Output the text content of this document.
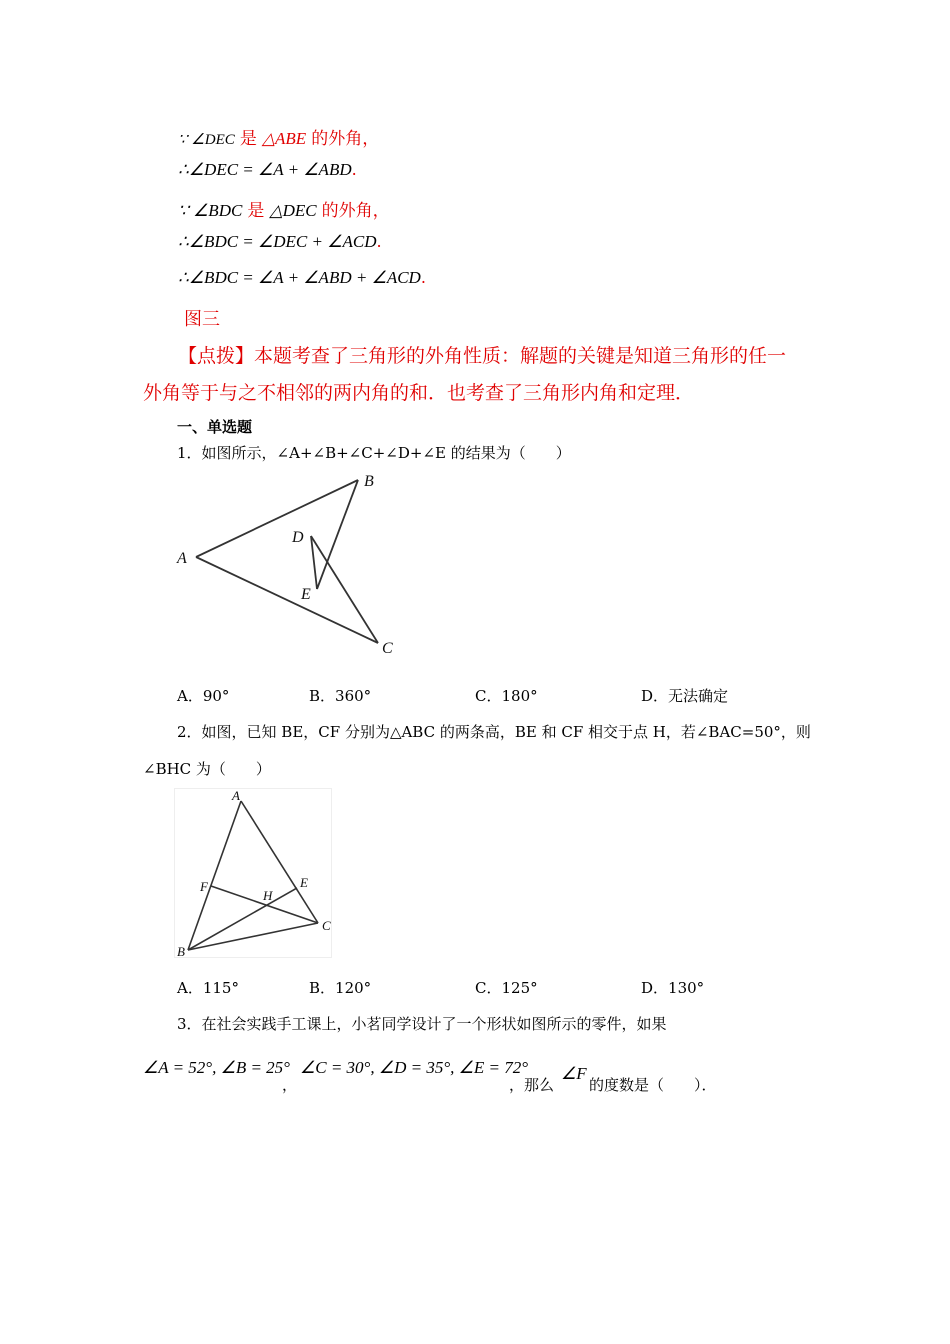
∵ ∠DEC 是 △ABE 的外角，
∴∠DEC = ∠A + ∠ABD.
∵ ∠BDC 是 △DEC 的外角，
∴∠BDC = ∠DEC + ∠ACD.
∴∠BDC = ∠A + ∠ABD + ∠ACD.
图三
【点拨】本题考查了三角形的外角性质：解题的关键是知道三角形的任一
外角等于与之不相邻的两内角的和．也考查了三角形内角和定理．
一、单选题
1．如图所示，∠A+∠B+∠C+∠D+∠E 的结果为（　　）
A
B
C
D
E
A．90°	B．360°	C．180°	D．无法确定
2．如图，已知 BE，CF 分别为△ABC 的两条高，BE 和 CF 相交于点 H，若∠BAC=50°，则
∠BHC 为（　　）
A
B
C
E
F
H
A．115°	B．120°	C．125°	D．130°
3．在社会实践手工课上，小茗同学设计了一个形状如图所示的零件，如果
∠A = 52°, ∠B = 25°
，
∠C = 30°, ∠D = 35°, ∠E = 72°
，那么
∠F
的度数是（　　）．
